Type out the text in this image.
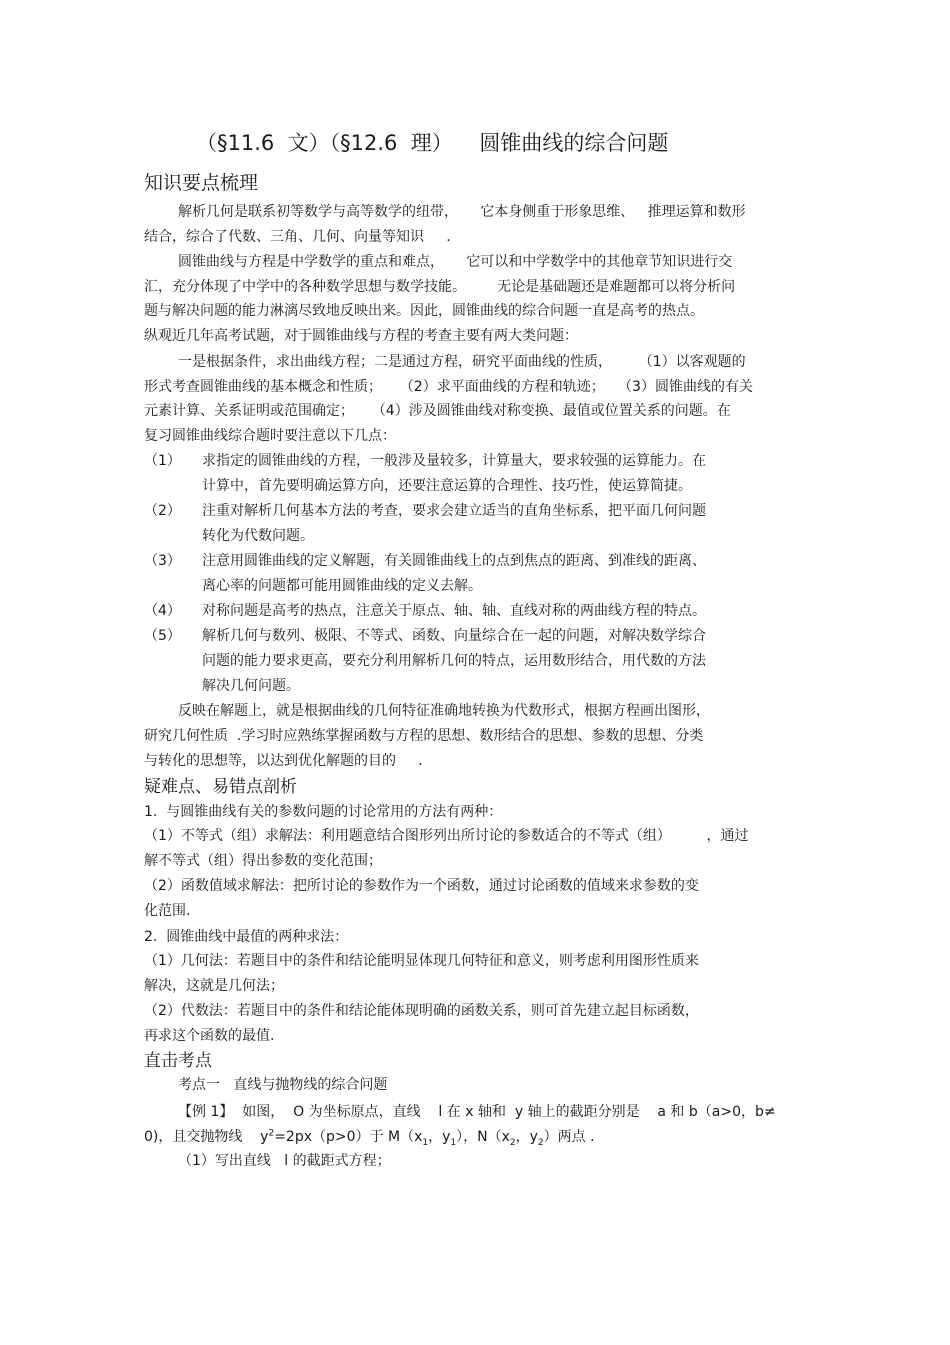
（§11.6  文）（§12.6  理）    圆锥曲线的综合问题
知识要点梳理
解析几何是联系初等数学与高等数学的纽带，     它本身侧重于形象思维、   推理运算和数形
结合，综合了代数、三角、几何、向量等知识     .
圆锥曲线与方程是中学数学的重点和难点，     它可以和中学数学中的其他章节知识进行交
汇，充分体现了中学中的各种数学思想与数学技能。       无论是基础题还是难题都可以将分析问
题与解决问题的能力淋漓尽致地反映出来。因此，圆锥曲线的综合问题一直是高考的热点。
纵观近几年高考试题，对于圆锥曲线与方程的考查主要有两大类问题：
一是根据条件，求出曲线方程；二是通过方程，研究平面曲线的性质，      （1）以客观题的
形式考查圆锥曲线的基本概念和性质；    （2）求平面曲线的方程和轨迹；   （3）圆锥曲线的有关
元素计算、关系证明或范围确定；    （4）涉及圆锥曲线对称变换、最值或位置关系的问题。在
复习圆锥曲线综合题时要注意以下几点：
（1） 求指定的圆锥曲线的方程，一般涉及量较多，计算量大，要求较强的运算能力。在
计算中，首先要明确运算方向，还要注意运算的合理性、技巧性，使运算简捷。
（2） 注重对解析几何基本方法的考查，要求会建立适当的直角坐标系，把平面几何问题
转化为代数问题。
（3） 注意用圆锥曲线的定义解题，有关圆锥曲线上的点到焦点的距离、到准线的距离、
离心率的问题都可能用圆锥曲线的定义去解。
（4） 对称问题是高考的热点，注意关于原点、轴、轴、直线对称的两曲线方程的特点。
（5） 解析几何与数列、极限、不等式、函数、向量综合在一起的问题，对解决数学综合
问题的能力要求更高，要充分利用解析几何的特点，运用数形结合，用代数的方法
解决几何问题。
反映在解题上，就是根据曲线的几何特征准确地转换为代数形式，根据方程画出图形，
研究几何性质  .学习时应熟练掌握函数与方程的思想、数形结合的思想、参数的思想、分类
与转化的思想等，以达到优化解题的目的     .
疑难点、易错点剖析
1.  与圆锥曲线有关的参数问题的讨论常用的方法有两种：
（1）不等式（组）求解法：利用题意结合图形列出所讨论的参数适合的不等式（组）        ，通过
解不等式（组）得出参数的变化范围；
（2）函数值域求解法：把所讨论的参数作为一个函数，通过讨论函数的值域来求参数的变
化范围.
2.  圆锥曲线中最值的两种求法：
（1）几何法：若题目中的条件和结论能明显体现几何特征和意义，则考虑利用图形性质来
解决，这就是几何法；
（2）代数法：若题目中的条件和结论能体现明确的函数关系，则可首先建立起目标函数，
再求这个函数的最值.
直击考点
考点一   直线与抛物线的综合问题
【例 1】  如图，  O 为坐标原点，直线    l 在 x 轴和  y 轴上的截距分别是    a 和 b（a>0，b≠
0)，且交抛物线    $y^2=2px(p>0)$于 $M(x_1$，$y_1$），$N(x_2$，$y_2$）两点 .
（1）写出直线   l 的截距式方程；
